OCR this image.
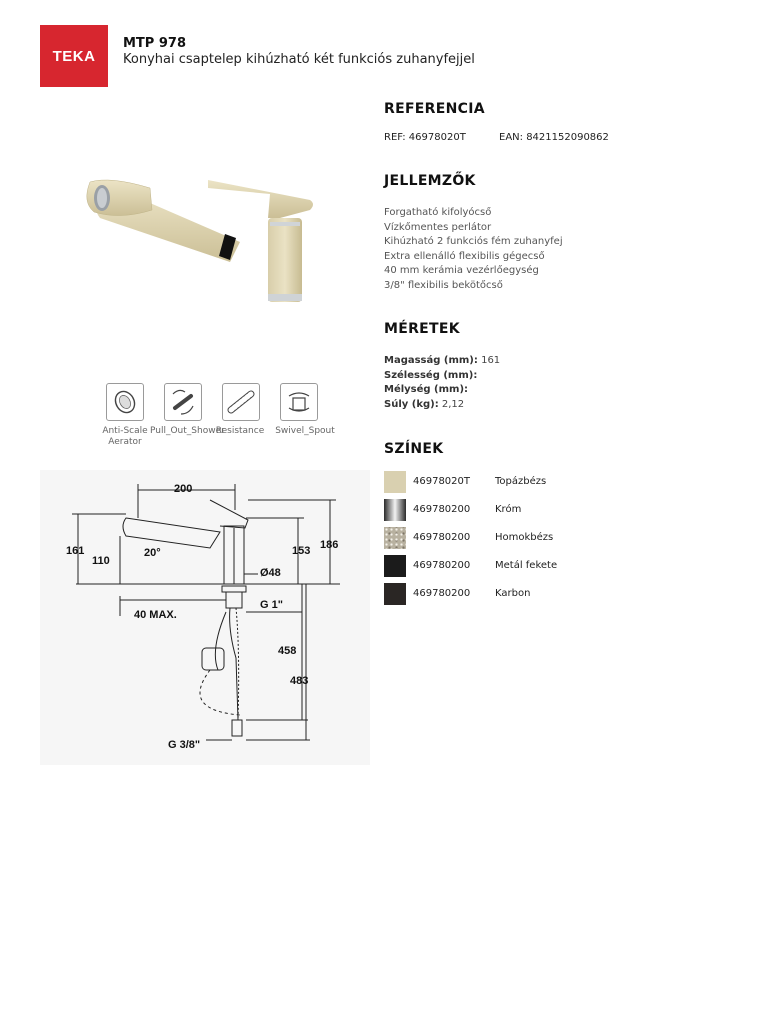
TEKA
MTP 978
Konyhai csaptelep kihúzható két funkciós zuhanyfejjel
Anti-Scale Aerator
Pull_Out_Shower
Resistance	Swivel_Spout
200
161
110
20°	153 186
Ø48
G 1"
40 MAX.
458
483
G 3/8"
REFERENCIA
REF: 46978020T	EAN: 8421152090862
JELLEMZŐK
Forgatható kifolyócső
Vízkőmentes perlátor
Kihúzható 2 funkciós fém zuhanyfej
Extra ellenálló flexibilis gégecső
40 mm kerámia vezérlőegység
3/8" flexibilis bekötőcső
MÉRETEK
Magasság (mm): 161
Szélesség (mm):
Mélység (mm):
Súly (kg): 2,12
SZÍNEK
46978020T Topázbézs
469780200 Króm
469780200 Homokbézs
469780200 Metál fekete
469780200 Karbon
